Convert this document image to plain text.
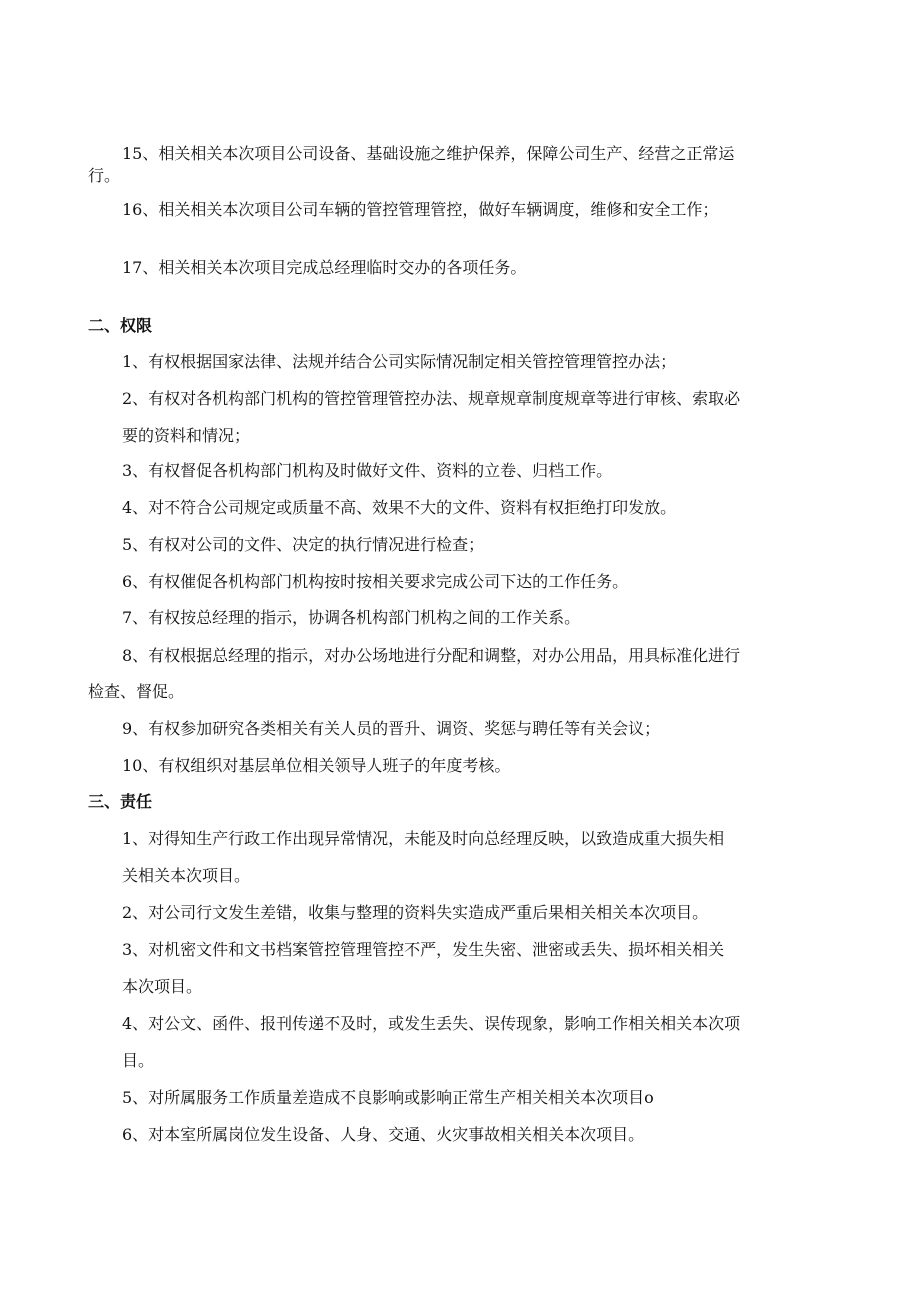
15、相关相关本次项目公司设备、基础设施之维护保养，保障公司生产、经营之正常运

行。

16、相关相关本次项目公司车辆的管控管理管控，做好车辆调度，维修和安全工作；

17、相关相关本次项目完成总经理临时交办的各项任务。

二、权限

1、有权根据国家法律、法规并结合公司实际情况制定相关管控管理管控办法；

2、有权对各机构部门机构的管控管理管控办法、规章规章制度规章等进行审核、索取必

要的资料和情况；

3、有权督促各机构部门机构及时做好文件、资料的立卷、归档工作。

4、对不符合公司规定或质量不高、效果不大的文件、资料有权拒绝打印发放。

5、有权对公司的文件、决定的执行情况进行检查；

6、有权催促各机构部门机构按时按相关要求完成公司下达的工作任务。

7、有权按总经理的指示，协调各机构部门机构之间的工作关系。

8、有权根据总经理的指示，对办公场地进行分配和调整，对办公用品，用具标准化进行

检查、督促。

9、有权参加研究各类相关有关人员的晋升、调资、奖惩与聘任等有关会议；

10、有权组织对基层单位相关领导人班子的年度考核。

三、责任

1、对得知生产行政工作出现异常情况，未能及时向总经理反映，以致造成重大损失相

关相关本次项目。

2、对公司行文发生差错，收集与整理的资料失实造成严重后果相关相关本次项目。

3、对机密文件和文书档案管控管理管控不严，发生失密、泄密或丢失、损坏相关相关

本次项目。

4、对公文、函件、报刊传递不及时，或发生丢失、误传现象，影响工作相关相关本次项

目。

5、对所属服务工作质量差造成不良影响或影响正常生产相关相关本次项目o

6、对本室所属岗位发生设备、人身、交通、火灾事故相关相关本次项目。
